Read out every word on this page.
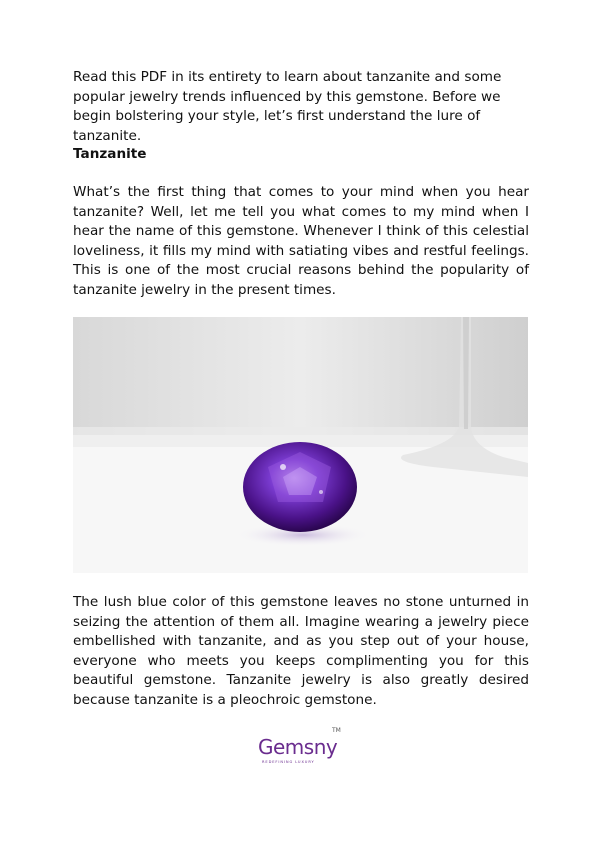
Read this PDF in its entirety to learn about tanzanite and some popular jewelry trends influenced by this gemstone. Before we begin bolstering your style, let’s first understand the lure of tanzanite.

Tanzanite

What’s the first thing that comes to your mind when you hear tanzanite? Well, let me tell you what comes to my mind when I hear the name of this gemstone. Whenever I think of this celestial loveliness, it fills my mind with satiating vibes and restful feelings. This is one of the most crucial reasons behind the popularity of tanzanite jewelry in the present times.

The lush blue color of this gemstone leaves no stone unturned in seizing the attention of them all. Imagine wearing a jewelry piece embellished with tanzanite, and as you step out of your house, everyone who meets you keeps complimenting you for this beautiful gemstone. Tanzanite jewelry is also greatly desired because tanzanite is a pleochroic gemstone.

Gemsny
TM
REDEFINING LUXURY
